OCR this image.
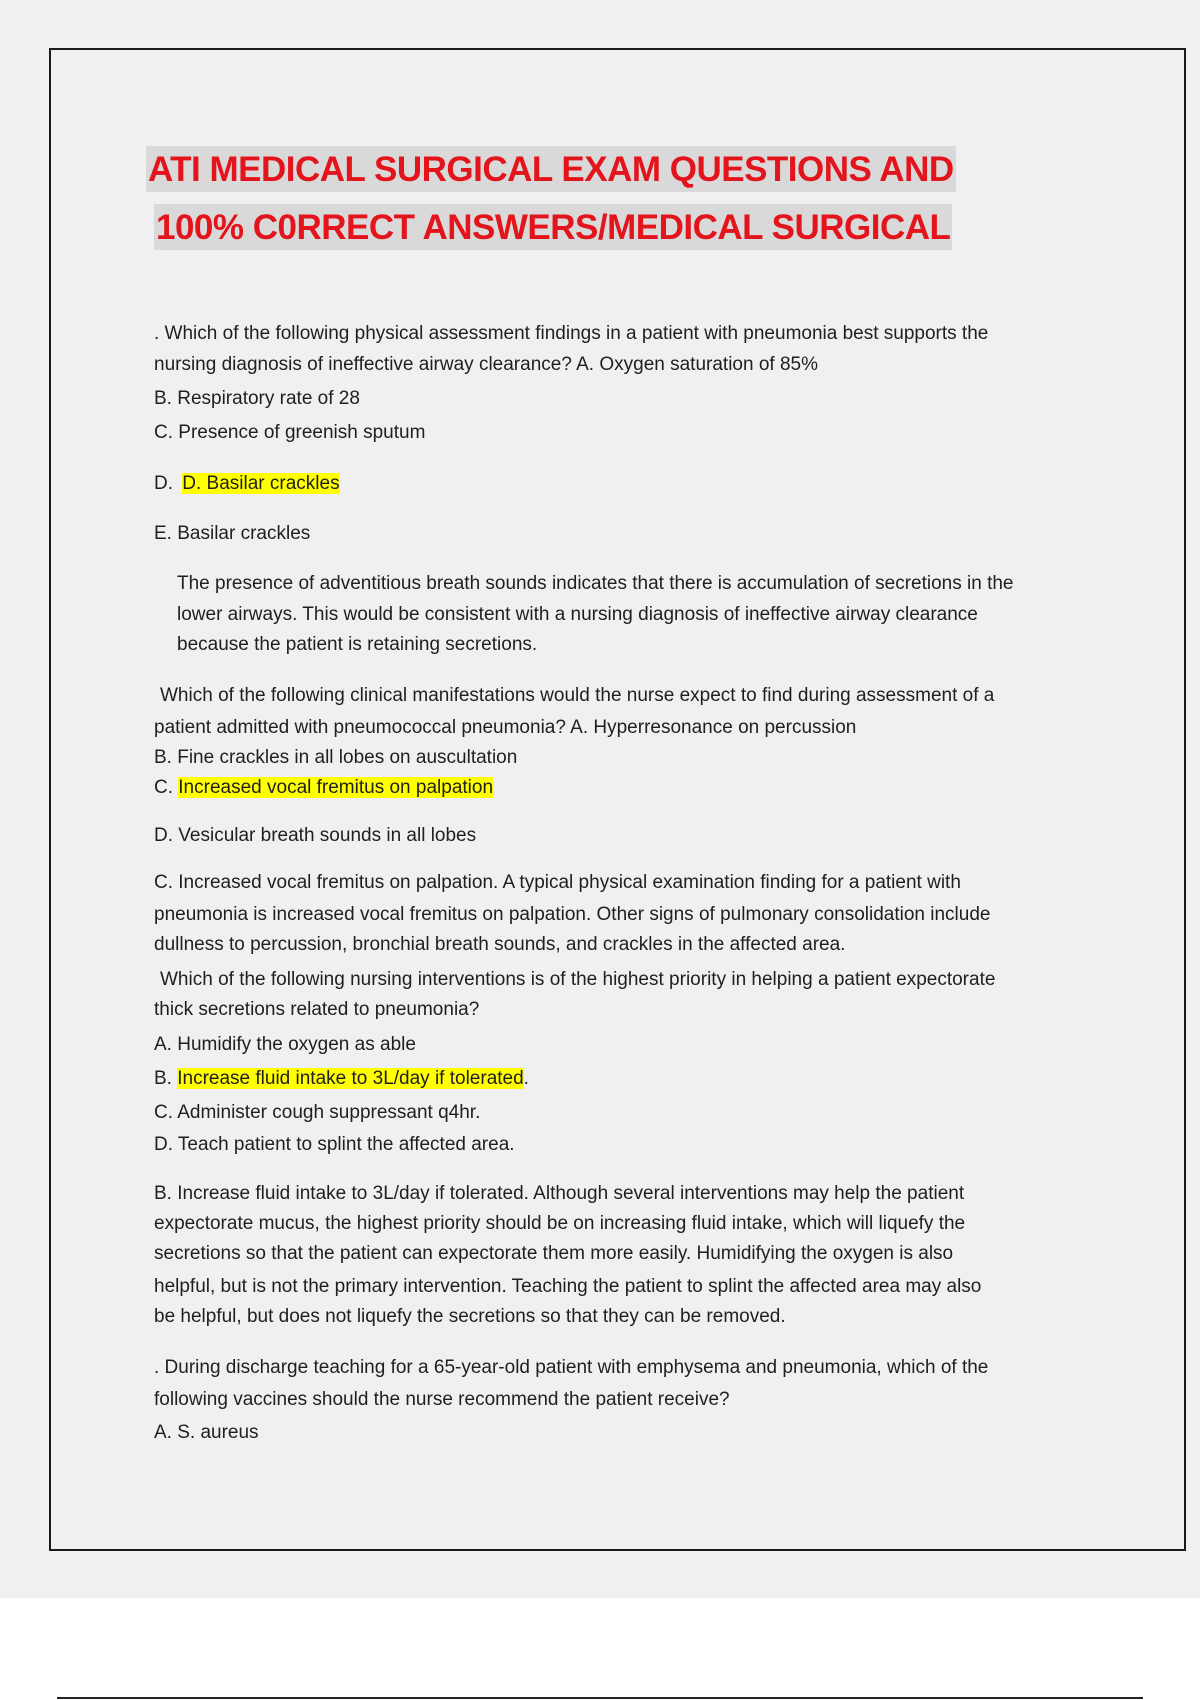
ATI MEDICAL SURGICAL EXAM QUESTIONS AND
100% C0RRECT ANSWERS/MEDICAL SURGICAL
. Which of the following physical assessment findings in a patient with pneumonia best supports the
nursing diagnosis of ineffective airway clearance? A. Oxygen saturation of 85%
B. Respiratory rate of 28
C. Presence of greenish sputum
D. D. Basilar crackles
E. Basilar crackles
The presence of adventitious breath sounds indicates that there is accumulation of secretions in the
lower airways. This would be consistent with a nursing diagnosis of ineffective airway clearance
because the patient is retaining secretions.
Which of the following clinical manifestations would the nurse expect to find during assessment of a
patient admitted with pneumococcal pneumonia? A. Hyperresonance on percussion
B. Fine crackles in all lobes on auscultation
C. Increased vocal fremitus on palpation
D. Vesicular breath sounds in all lobes
C. Increased vocal fremitus on palpation. A typical physical examination finding for a patient with
pneumonia is increased vocal fremitus on palpation. Other signs of pulmonary consolidation include
dullness to percussion, bronchial breath sounds, and crackles in the affected area.
Which of the following nursing interventions is of the highest priority in helping a patient expectorate
thick secretions related to pneumonia?
A. Humidify the oxygen as able
B. Increase fluid intake to 3L/day if tolerated.
C. Administer cough suppressant q4hr.
D. Teach patient to splint the affected area.
B. Increase fluid intake to 3L/day if tolerated. Although several interventions may help the patient
expectorate mucus, the highest priority should be on increasing fluid intake, which will liquefy the
secretions so that the patient can expectorate them more easily. Humidifying the oxygen is also
helpful, but is not the primary intervention. Teaching the patient to splint the affected area may also
be helpful, but does not liquefy the secretions so that they can be removed.
. During discharge teaching for a 65-year-old patient with emphysema and pneumonia, which of the
following vaccines should the nurse recommend the patient receive?
A. S. aureus
